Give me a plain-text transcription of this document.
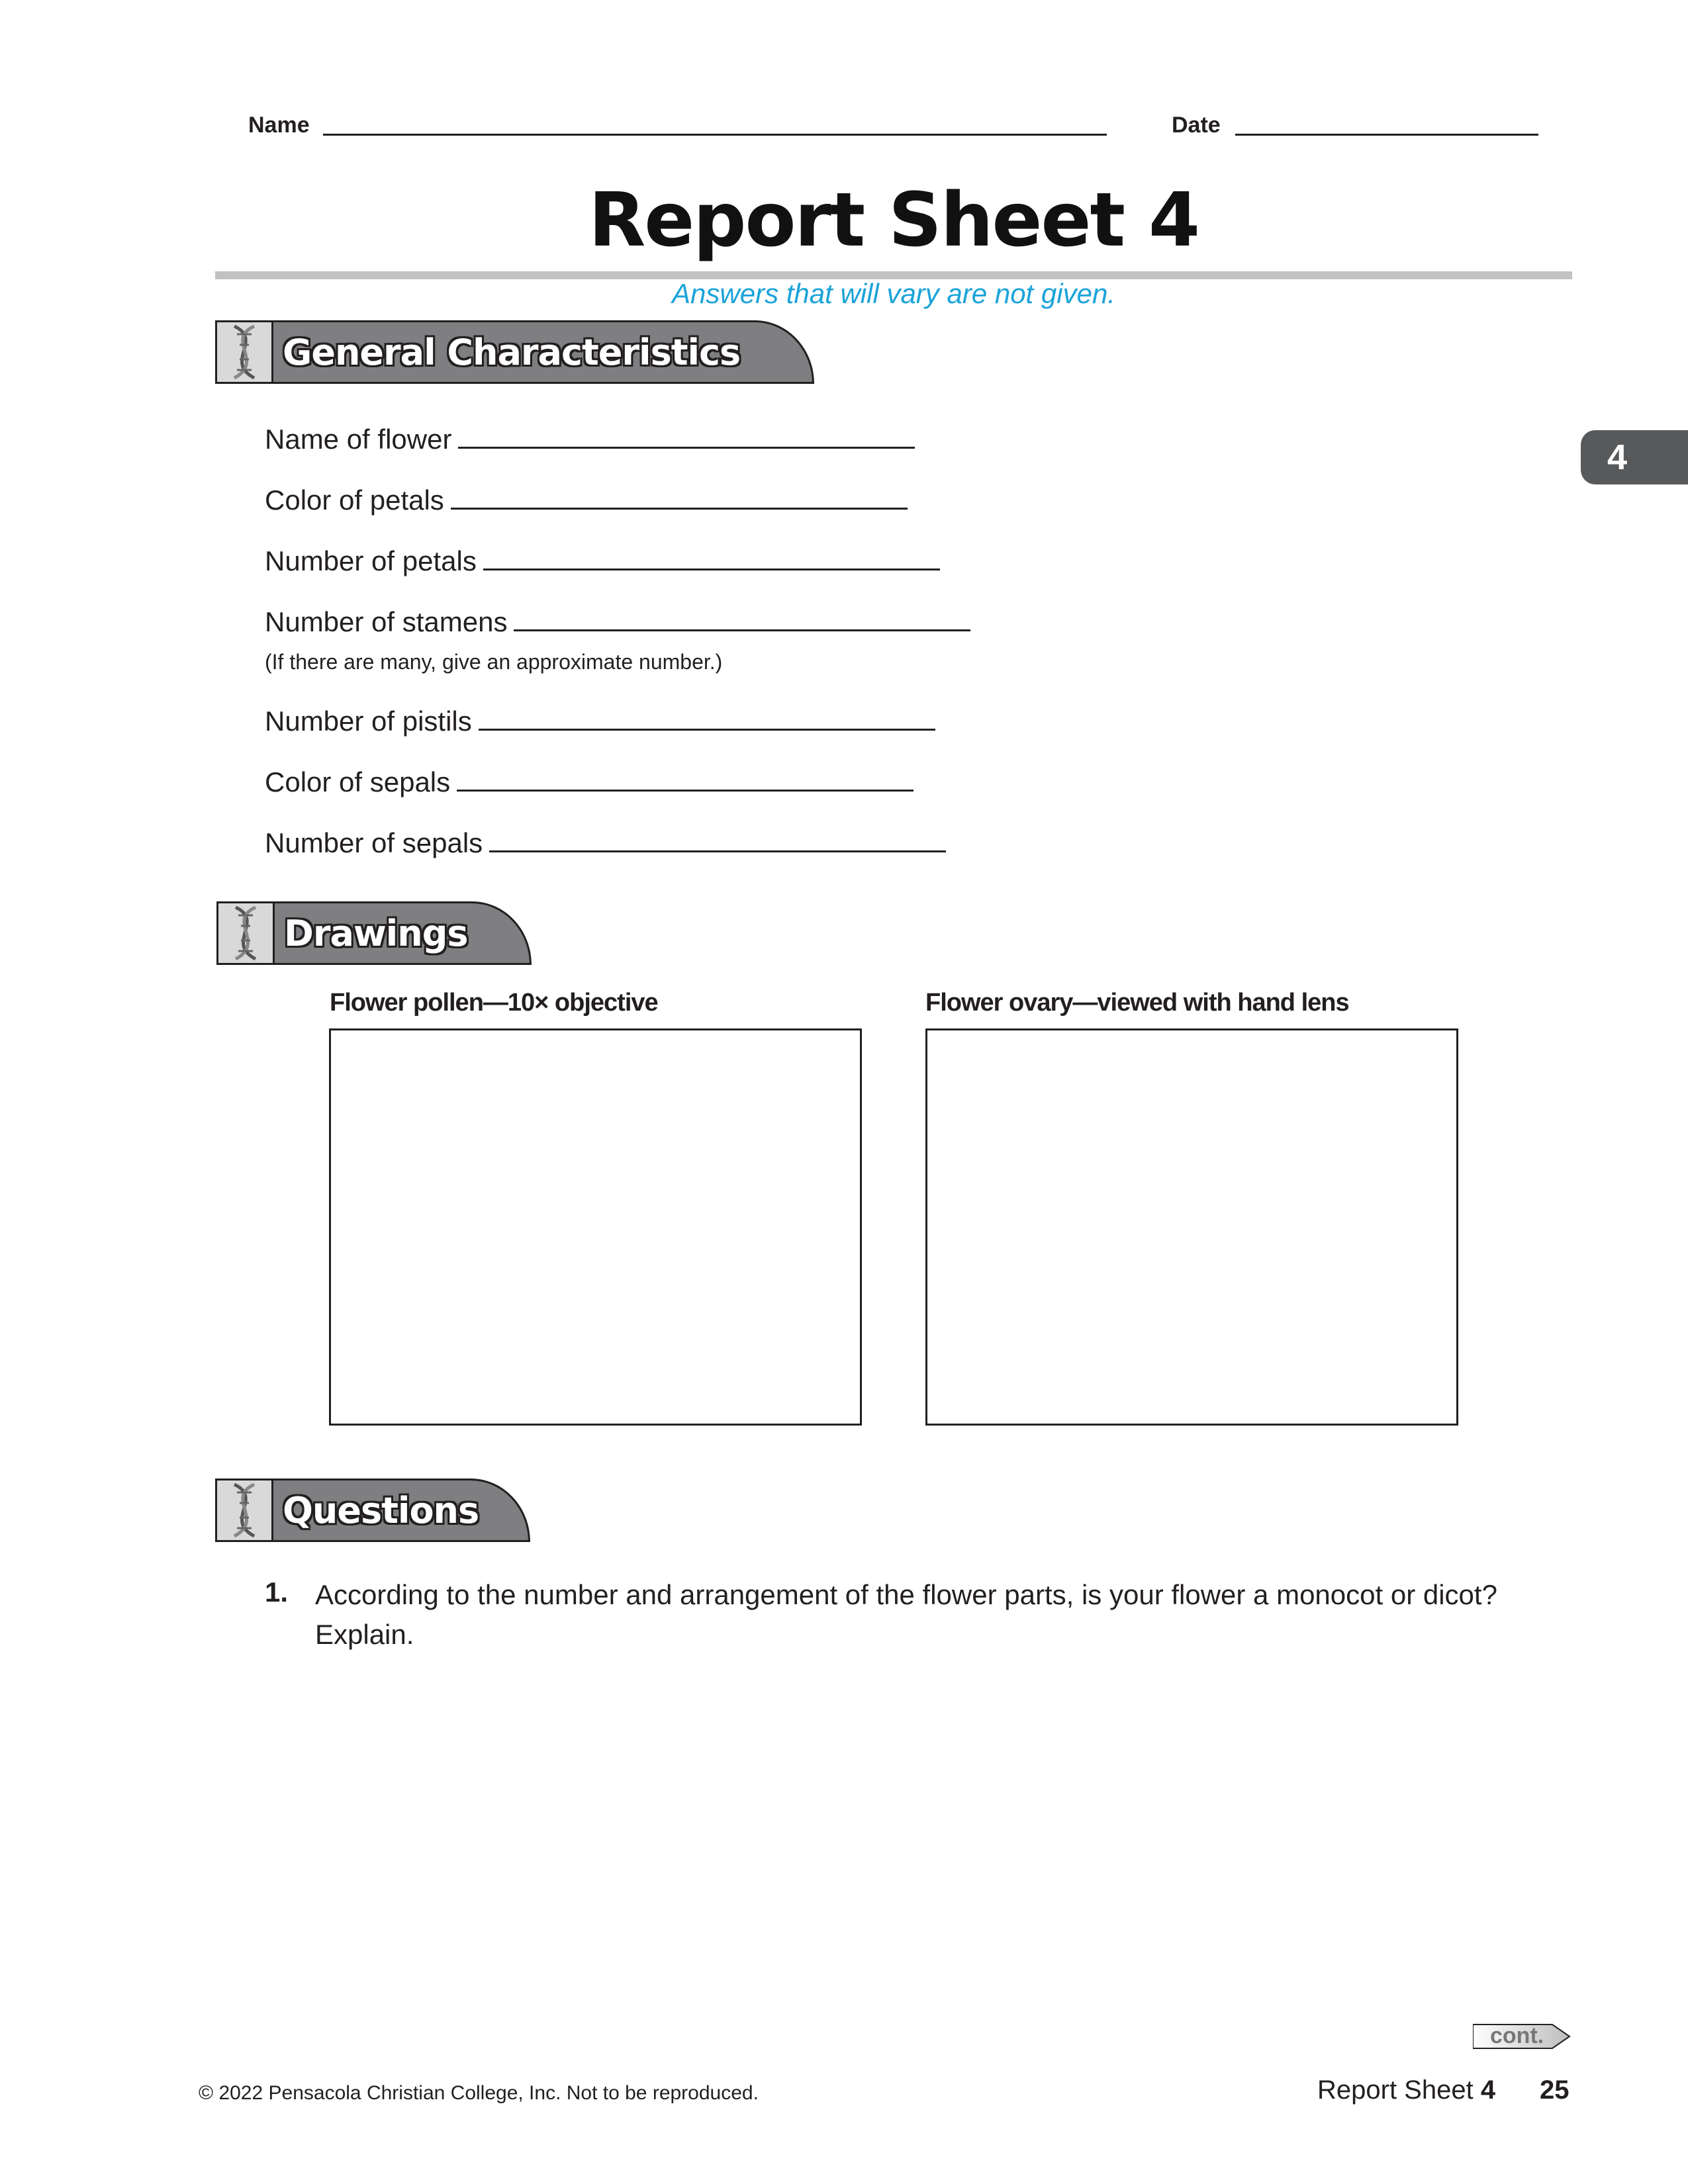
Name	Date
Report Sheet 4
Answers that will vary are not given.
4
General Characteristics
Name of flower
Color of petals
Number of petals
Number of stamens
(If there are many, give an approximate number.)
Number of pistils
Color of sepals
Number of sepals
Drawings
Flower pollen—10× objective	Flower ovary—viewed with hand lens
Questions
1. According to the number and arrangement of the flower parts, is your flower a monocot or dicot? Explain.
cont.
© 2022 Pensacola Christian College, Inc. Not to be reproduced.	Report Sheet 4 25
